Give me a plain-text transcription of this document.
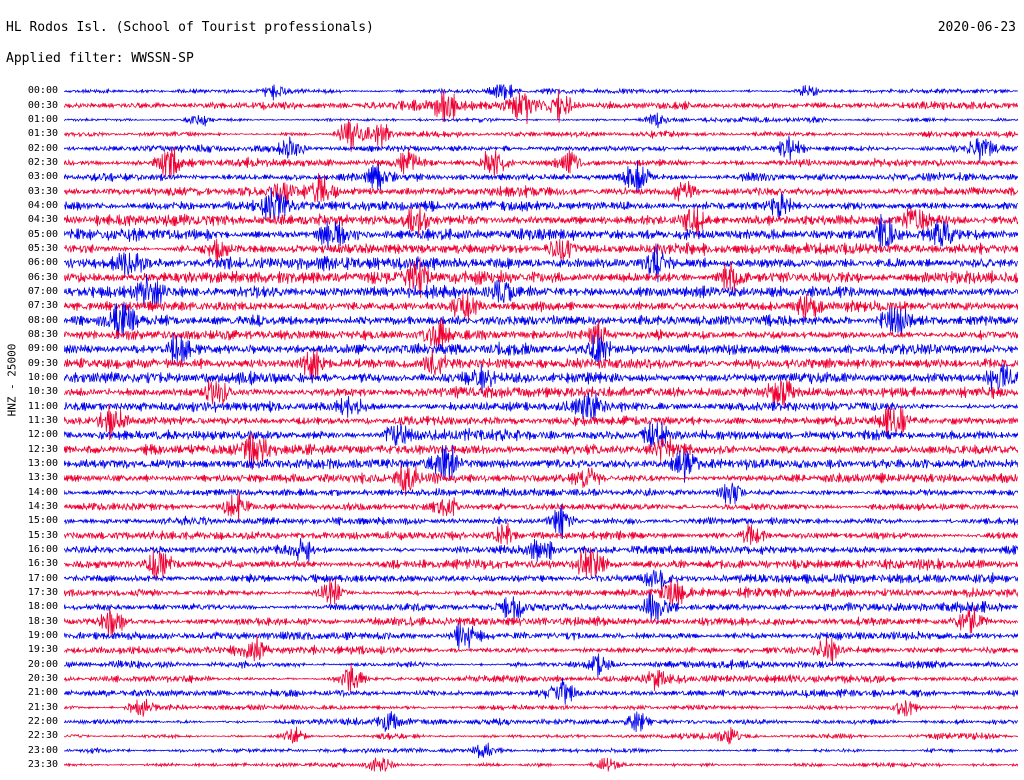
HL Rodos Isl. (School of Tourist professionals)
Applied filter: WWSSN-SP
2020-06-23
HNZ - 25000
00:00
00:30
01:00
01:30
02:00
02:30
03:00
03:30
04:00
04:30
05:00
05:30
06:00
06:30
07:00
07:30
08:00
08:30
09:00
09:30
10:00
10:30
11:00
11:30
12:00
12:30
13:00
13:30
14:00
14:30
15:00
15:30
16:00
16:30
17:00
17:30
18:00
18:30
19:00
19:30
20:00
20:30
21:00
21:30
22:00
22:30
23:00
23:30
